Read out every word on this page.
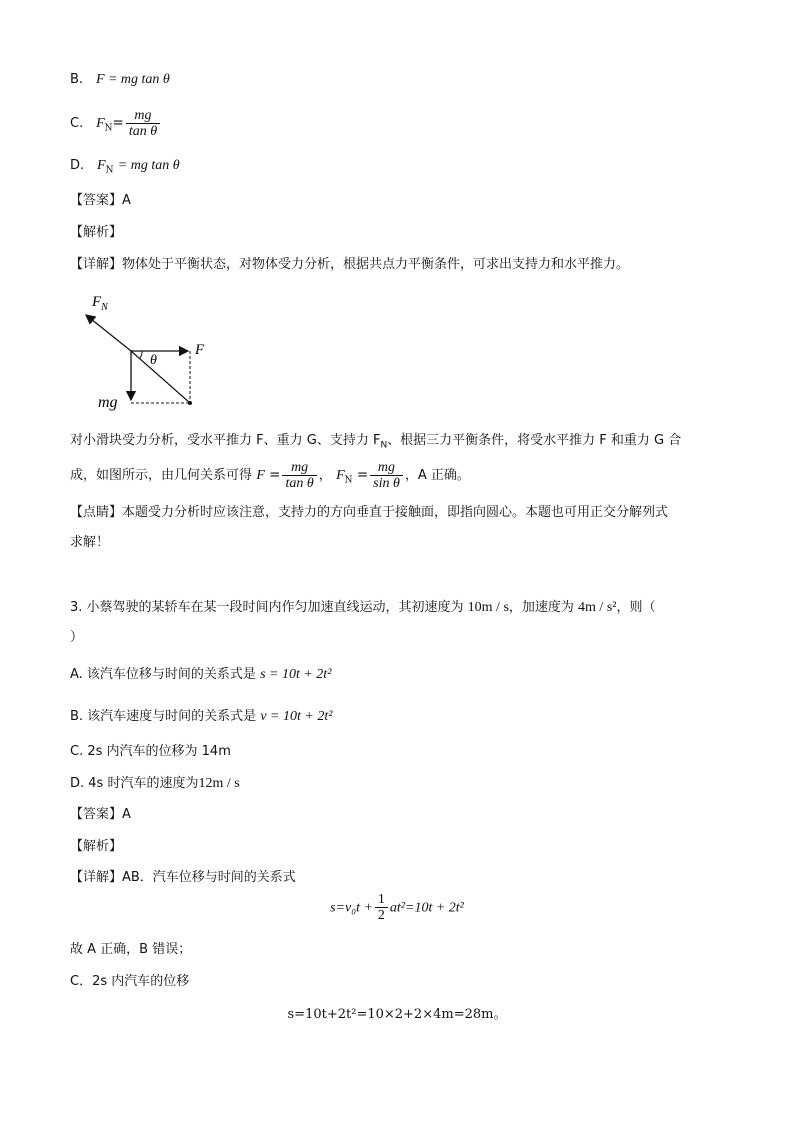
B. F = mg tan θ
C. $F_N= \frac{mg}{\text{tan θ}}$
D. $F_N$ = mg tan θ
【答案】A
【解析】
【详解】物体处于平衡状态，对物体受力分析，根据共点力平衡条件，可求出支持力和水平推力。
θ
$F_N$
F
mg
对小滑块受力分析，受水平推力 F、重力 G、支持力 $F_N$、根据三力平衡条件，将受水平推力 F 和重力 G 合
成，如图所示，由几何关系可得 $F = \frac{mg}{\text{tan θ}}$ ， $F_N = \frac{mg}{\text{sin θ}}$ ，A 正确。
【点睛】本题受力分析时应该注意，支持力的方向垂直于接触面，即指向圆心。本题也可用正交分解列式
求解！
3. 小蔡驾驶的某轿车在某一段时间内作匀加速直线运动，其初速度为 10m / s，加速度为 4m / s²，则（
）
A. 该汽车位移与时间的关系式是 s = 10t + 2t²
B. 该汽车速度与时间的关系式是 v = 10t + 2t²
C. 2s 内汽车的位移为 14m
D. 4s 时汽车的速度为12m / s
【答案】A
【解析】
【详解】AB．汽车位移与时间的关系式
$s=v_0t + \frac{1}{2} at^2=10t + 2t^2$
故 A 正确，B 错误；
C．2s 内汽车的位移
s=10t+2t²=10×2+2×4m=28m。
